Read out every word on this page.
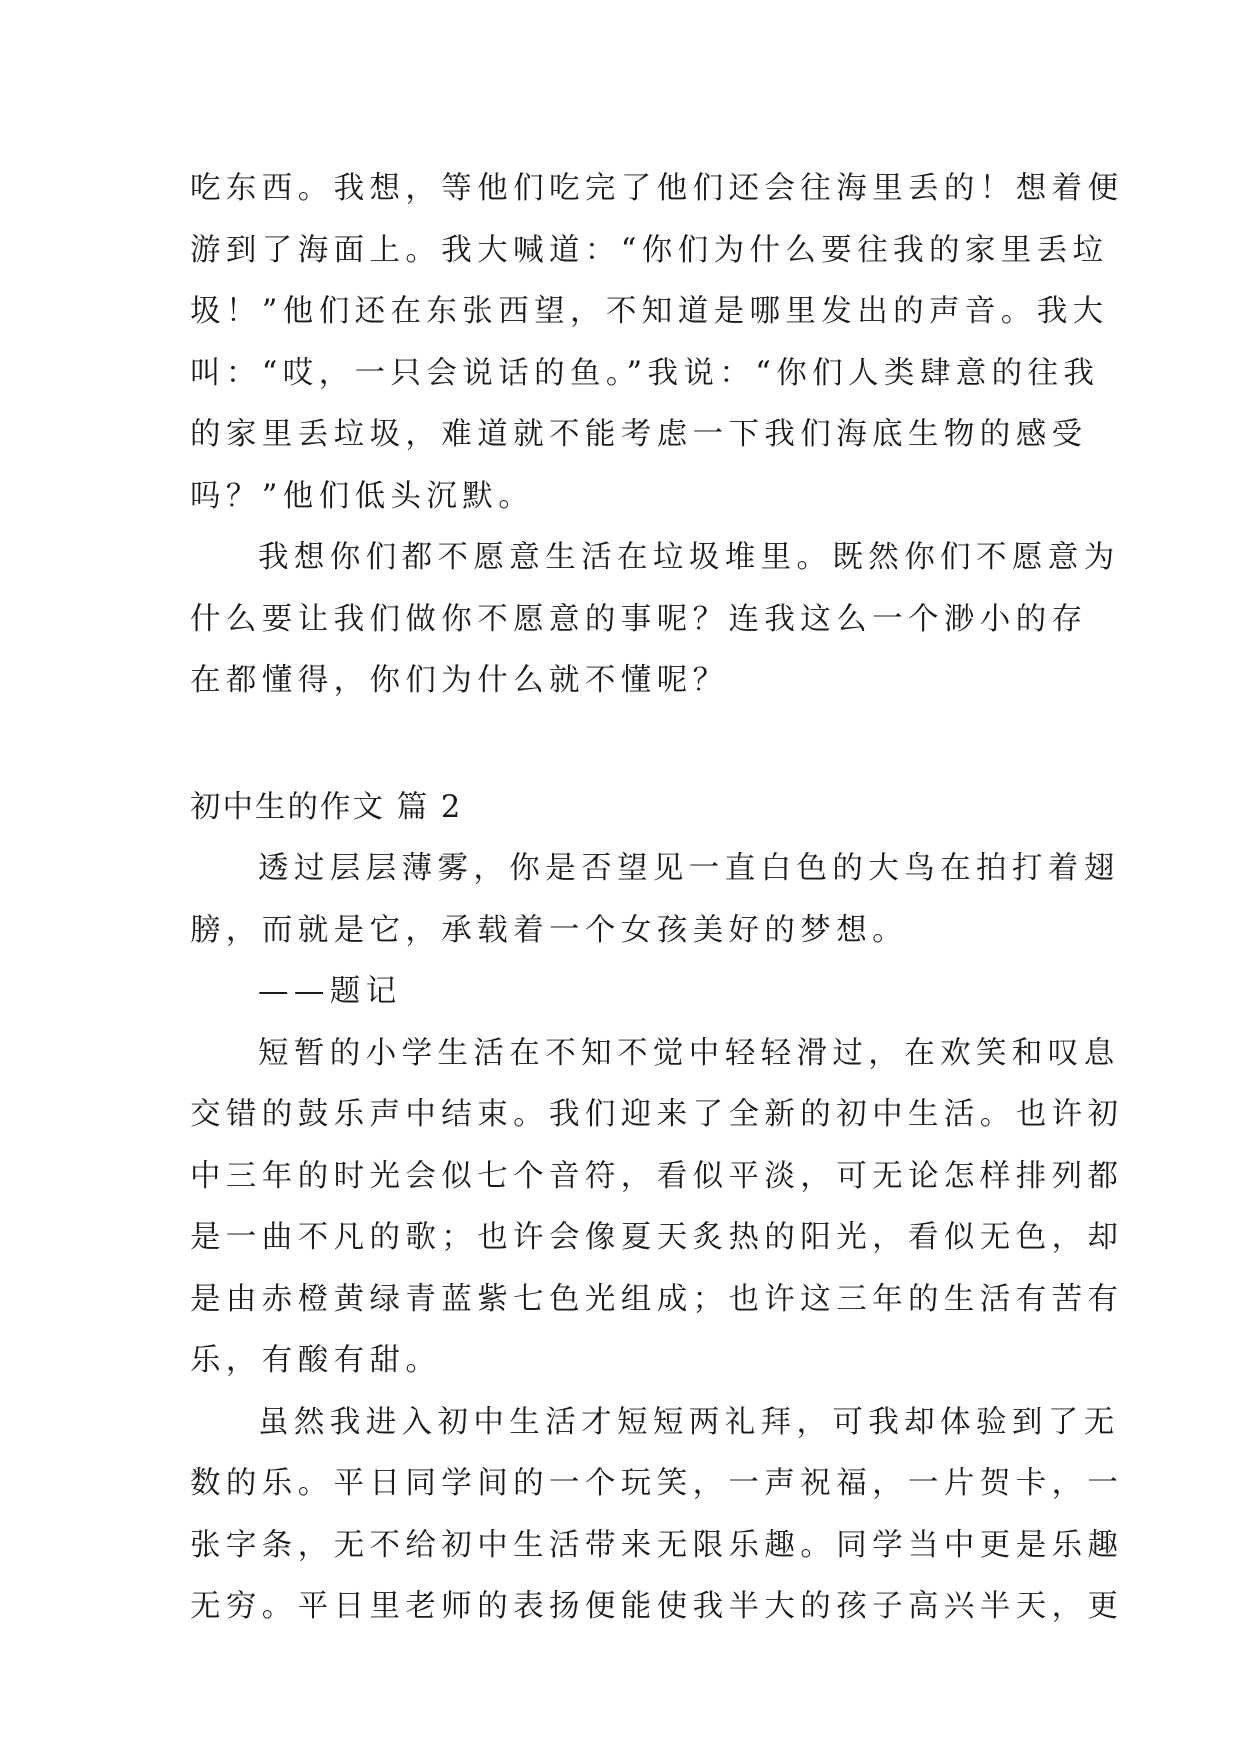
吃东西。我想，等他们吃完了他们还会往海里丢的！想着便
游到了海面上。我大喊道：“你们为什么要往我的家里丢垃
圾！”他们还在东张西望，不知道是哪里发出的声音。我大
叫：“哎，一只会说话的鱼。”我说：“你们人类肆意的往我
的家里丢垃圾，难道就不能考虑一下我们海底生物的感受
吗？”他们低头沉默。
我想你们都不愿意生活在垃圾堆里。既然你们不愿意为
什么要让我们做你不愿意的事呢？连我这么一个渺小的存
在都懂得，你们为什么就不懂呢？
初中生的作文 篇 2
透过层层薄雾，你是否望见一直白色的大鸟在拍打着翅
膀，而就是它，承载着一个女孩美好的梦想。
——题记
短暂的小学生活在不知不觉中轻轻滑过，在欢笑和叹息
交错的鼓乐声中结束。我们迎来了全新的初中生活。也许初
中三年的时光会似七个音符，看似平淡，可无论怎样排列都
是一曲不凡的歌；也许会像夏天炙热的阳光，看似无色，却
是由赤橙黄绿青蓝紫七色光组成；也许这三年的生活有苦有
乐，有酸有甜。
虽然我进入初中生活才短短两礼拜，可我却体验到了无
数的乐。平日同学间的一个玩笑，一声祝福，一片贺卡，一
张字条，无不给初中生活带来无限乐趣。同学当中更是乐趣
无穷。平日里老师的表扬便能使我半大的孩子高兴半天，更
